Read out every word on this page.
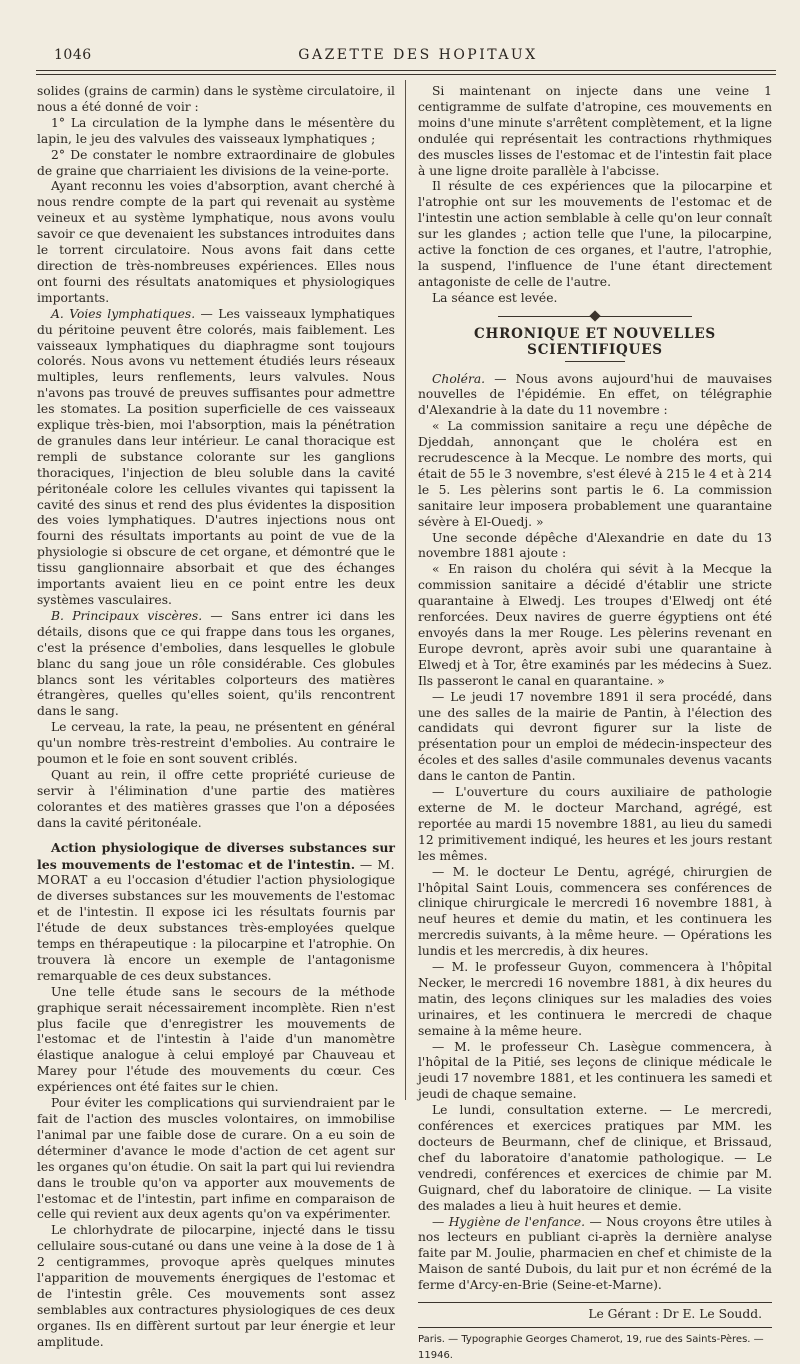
1046	GAZETTE DES HOPITAUX

solides (grains de carmin) dans le système circulatoire, il nous a été donné de voir :

1° La circulation de la lymphe dans le mésentère du lapin, le jeu des valvules des vaisseaux lymphatiques ;

2° De constater le nombre extraordinaire de globules de graine que charriaient les divisions de la veine-porte.

Ayant reconnu les voies d'absorption, avant cherché à nous rendre compte de la part qui revenait au système veineux et au système lymphatique, nous avons voulu savoir ce que devenaient les substances introduites dans le torrent circulatoire. Nous avons fait dans cette direction de très-nombreuses expériences. Elles nous ont fourni des résultats anatomiques et physiologiques importants.

A. Voies lymphatiques. — Les vaisseaux lymphatiques du péritoine peuvent être colorés, mais faiblement. Les vaisseaux lymphatiques du diaphragme sont toujours colorés. Nous avons vu nettement étudiés leurs réseaux multiples, leurs renflements, leurs valvules. Nous n'avons pas trouvé de preuves suffisantes pour admettre les stomates. La position superficielle de ces vaisseaux explique très-bien, moi l'absorption, mais la pénétration de granules dans leur intérieur. Le canal thoracique est rempli de substance colorante sur les ganglions thoraciques, l'injection de bleu soluble dans la cavité péritonéale colore les cellules vivantes qui tapissent la cavité des sinus et rend des plus évidentes la disposition des voies lymphatiques. D'autres injections nous ont fourni des résultats importants au point de vue de la physiologie si obscure de cet organe, et démontré que le tissu ganglionnaire absorbait et que des échanges importants avaient lieu en ce point entre les deux systèmes vasculaires.

B. Principaux viscères. — Sans entrer ici dans les détails, disons que ce qui frappe dans tous les organes, c'est la présence d'embolies, dans lesquelles le globule blanc du sang joue un rôle considérable. Ces globules blancs sont les véritables colporteurs des matières étrangères, quelles qu'elles soient, qu'ils rencontrent dans le sang.

Le cerveau, la rate, la peau, ne présentent en général qu'un nombre très-restreint d'embolies. Au contraire le poumon et le foie en sont souvent criblés.

Quant au rein, il offre cette propriété curieuse de servir à l'élimination d'une partie des matières colorantes et des matières grasses que l'on a déposées dans la cavité péritonéale.

Action physiologique de diverses substances sur les mouvements de l'estomac et de l'intestin. — M. MORAT a eu l'occasion d'étudier l'action physiologique de diverses substances sur les mouvements de l'estomac et de l'intestin. Il expose ici les résultats fournis par l'étude de deux substances très-employées quelque temps en thérapeutique : la pilocarpine et l'atrophie. On trouvera là encore un exemple de l'antagonisme remarquable de ces deux substances.

Une telle étude sans le secours de la méthode graphique serait nécessairement incomplète. Rien n'est plus facile que d'enregistrer les mouvements de l'estomac et de l'intestin à l'aide d'un manomètre élastique analogue à celui employé par Chauveau et Marey pour l'étude des mouvements du cœur. Ces expériences ont été faites sur le chien.

Pour éviter les complications qui surviendraient par le fait de l'action des muscles volontaires, on immobilise l'animal par une faible dose de curare. On a eu soin de déterminer d'avance le mode d'action de cet agent sur les organes qu'on étudie. On sait la part qui lui reviendra dans le trouble qu'on va apporter aux mouvements de l'estomac et de l'intestin, part infime en comparaison de celle qui revient aux deux agents qu'on va expérimenter.

Le chlorhydrate de pilocarpine, injecté dans le tissu cellulaire sous-cutané ou dans une veine à la dose de 1 à 2 centigrammes, provoque après quelques minutes l'apparition de mouvements énergiques de l'estomac et de l'intestin grêle. Ces mouvements sont assez semblables aux contractures physiologiques de ces deux organes. Ils en diffèrent surtout par leur énergie et leur amplitude.

Si maintenant on injecte dans une veine 1 centigramme de sulfate d'atropine, ces mouvements en moins d'une minute s'arrêtent complètement, et la ligne ondulée qui représentait les contractions rhythmiques des muscles lisses de l'estomac et de l'intestin fait place à une ligne droite parallèle à l'abcisse.

Il résulte de ces expériences que la pilocarpine et l'atrophie ont sur les mouvements de l'estomac et de l'intestin une action semblable à celle qu'on leur connaît sur les glandes ; action telle que l'une, la pilocarpine, active la fonction de ces organes, et l'autre, l'atrophie, la suspend, l'influence de l'une étant directement antagoniste de celle de l'autre.

La séance est levée.

CHRONIQUE ET NOUVELLES SCIENTIFIQUES

Choléra. — Nous avons aujourd'hui de mauvaises nouvelles de l'épidémie. En effet, on télégraphie d'Alexandrie à la date du 11 novembre :

« La commission sanitaire a reçu une dépêche de Djeddah, annonçant que le choléra est en recrudescence à la Mecque. Le nombre des morts, qui était de 55 le 3 novembre, s'est élevé à 215 le 4 et à 214 le 5. Les pèlerins sont partis le 6. La commission sanitaire leur imposera probablement une quarantaine sévère à El-Ouedj. »

Une seconde dépêche d'Alexandrie en date du 13 novembre 1881 ajoute :

« En raison du choléra qui sévit à la Mecque la commission sanitaire a décidé d'établir une stricte quarantaine à Elwedj. Les troupes d'Elwedj ont été renforcées. Deux navires de guerre égyptiens ont été envoyés dans la mer Rouge. Les pèlerins revenant en Europe devront, après avoir subi une quarantaine à Elwedj et à Tor, être examinés par les médecins à Suez. Ils passeront le canal en quarantaine. »

— Le jeudi 17 novembre 1891 il sera procédé, dans une des salles de la mairie de Pantin, à l'élection des candidats qui devront figurer sur la liste de présentation pour un emploi de médecin-inspecteur des écoles et des salles d'asile communales devenus vacants dans le canton de Pantin.

— L'ouverture du cours auxiliaire de pathologie externe de M. le docteur Marchand, agrégé, est reportée au mardi 15 novembre 1881, au lieu du samedi 12 primitivement indiqué, les heures et les jours restant les mêmes.

— M. le docteur Le Dentu, agrégé, chirurgien de l'hôpital Saint Louis, commencera ses conférences de clinique chirurgicale le mercredi 16 novembre 1881, à neuf heures et demie du matin, et les continuera les mercredis suivants, à la même heure. — Opérations les lundis et les mercredis, à dix heures.

— M. le professeur Guyon, commencera à l'hôpital Necker, le mercredi 16 novembre 1881, à dix heures du matin, des leçons cliniques sur les maladies des voies urinaires, et les continuera le mercredi de chaque semaine à la même heure.

— M. le professeur Ch. Lasègue commencera, à l'hôpital de la Pitié, ses leçons de clinique médicale le jeudi 17 novembre 1881, et les continuera les samedi et jeudi de chaque semaine.

Le lundi, consultation externe. — Le mercredi, conférences et exercices pratiques par MM. les docteurs de Beurmann, chef de clinique, et Brissaud, chef du laboratoire d'anatomie pathologique. — Le vendredi, conférences et exercices de chimie par M. Guignard, chef du laboratoire de clinique. — La visite des malades a lieu à huit heures et demie.

— Hygiène de l'enfance. — Nous croyons être utiles à nos lecteurs en publiant ci-après la dernière analyse faite par M. Joulie, pharmacien en chef et chimiste de la Maison de santé Dubois, du lait pur et non écrémé de la ferme d'Arcy-en-Brie (Seine-et-Marne).

Le Gérant : Dr E. Le Soudd.
Paris. — Typographie Georges Chamerot, 19, rue des Saints-Pères. — 11946.
